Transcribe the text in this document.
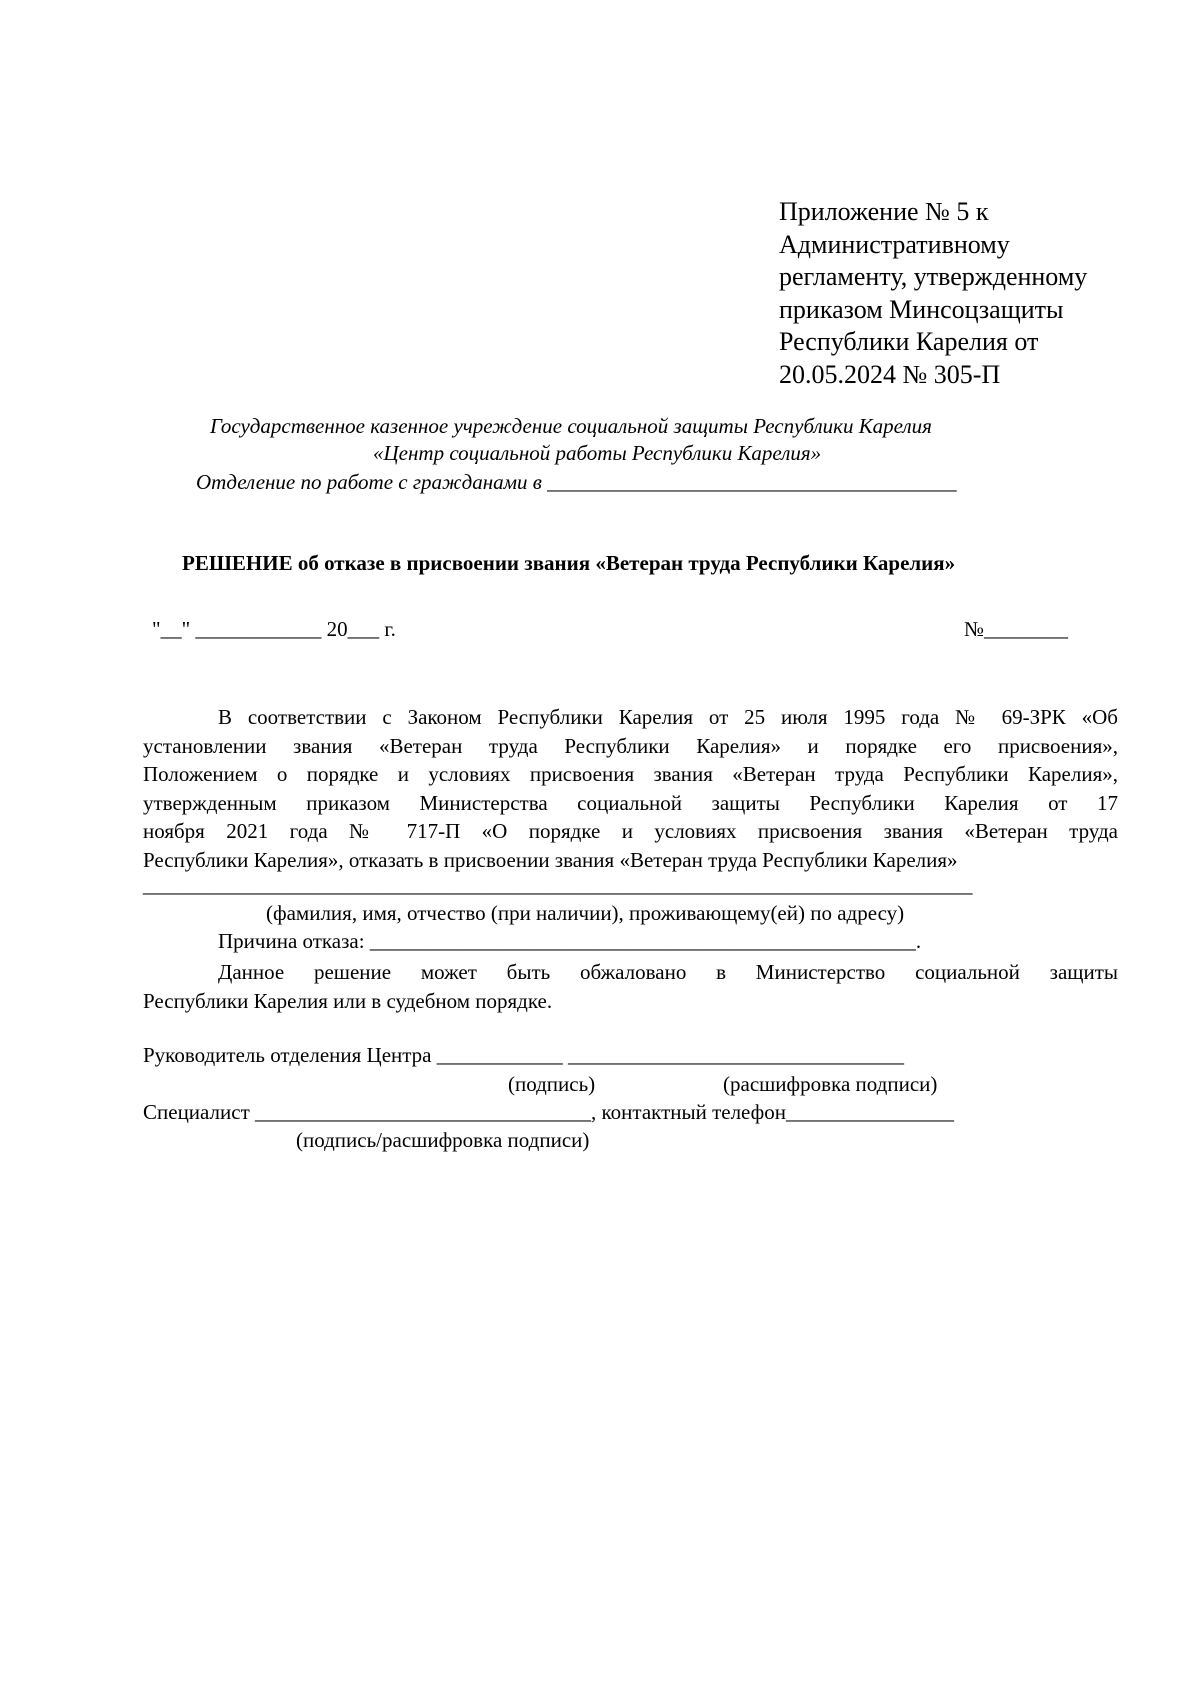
Приложение № 5 к
Административному
регламенту, утвержденному
приказом Минсоцзащиты
Республики Карелия от
20.05.2024 № 305-П
Государственное казенное учреждение социальной защиты Республики Карелия
«Центр социальной работы Республики Карелия»
Отделение по работе с гражданами в _______________________________________
РЕШЕНИЕ об отказе в присвоении звания «Ветеран труда Республики Карелия»
"__" ____________ 20___ г.	№________
В соответствии с Законом Республики Карелия от 25 июля 1995 года № 69-ЗРК «Об
установлении звания «Ветеран труда Республики Карелия» и порядке его присвоения»,
Положением о порядке и условиях присвоения звания «Ветеран труда Республики Карелия»,
утвержденным приказом Министерства социальной защиты Республики Карелия от 17
ноября 2021 года № 717-П «О порядке и условиях присвоения звания «Ветеран труда
Республики Карелия», отказать в присвоении звания «Ветеран труда Республики Карелия»
_______________________________________________________________________________
(фамилия, имя, отчество (при наличии), проживающему(ей) по адресу)
Причина отказа: ____________________________________________________.
Данное решение может быть обжаловано в Министерство социальной защиты
Республики Карелия или в судебном порядке.
Руководитель отделения Центра ____________ ________________________________
(подпись)	(расшифровка подписи)
Специалист ________________________________, контактный телефон________________
(подпись/расшифровка подписи)
